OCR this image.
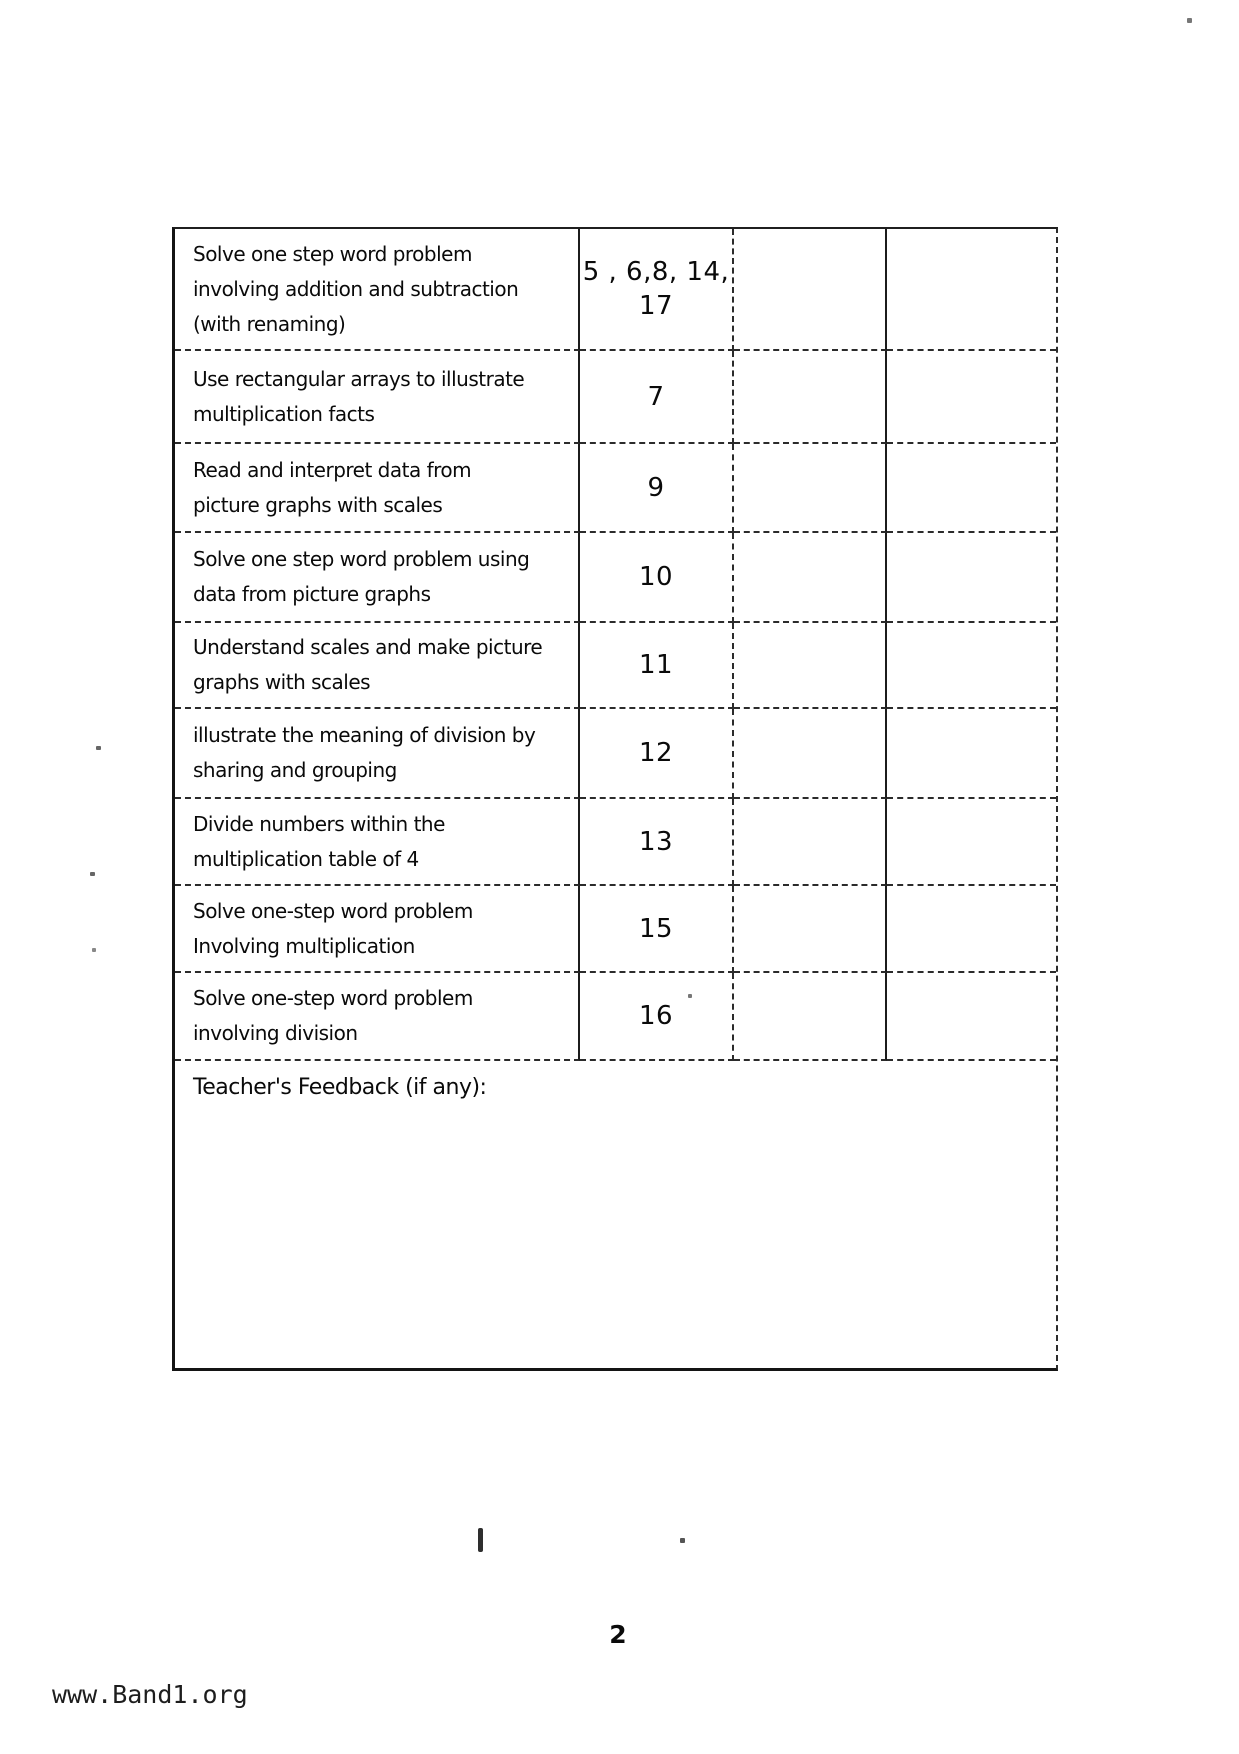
Solve one step word problem
involving addition and subtraction
(with renaming)
5 , 6,8, 14,
17
Use rectangular arrays to illustrate
multiplication facts
7
Read and interpret data from
picture graphs with scales
9
Solve one step word problem using
data from picture graphs
10
Understand scales and make picture
graphs with scales
11
illustrate the meaning of division by
sharing and grouping
12
Divide numbers within the
multiplication table of 4
13
Solve one-step word problem
Involving multiplication
15
Solve one-step word problem
involving division
16
Teacher's Feedback (if any):
2
www.Band1.org
